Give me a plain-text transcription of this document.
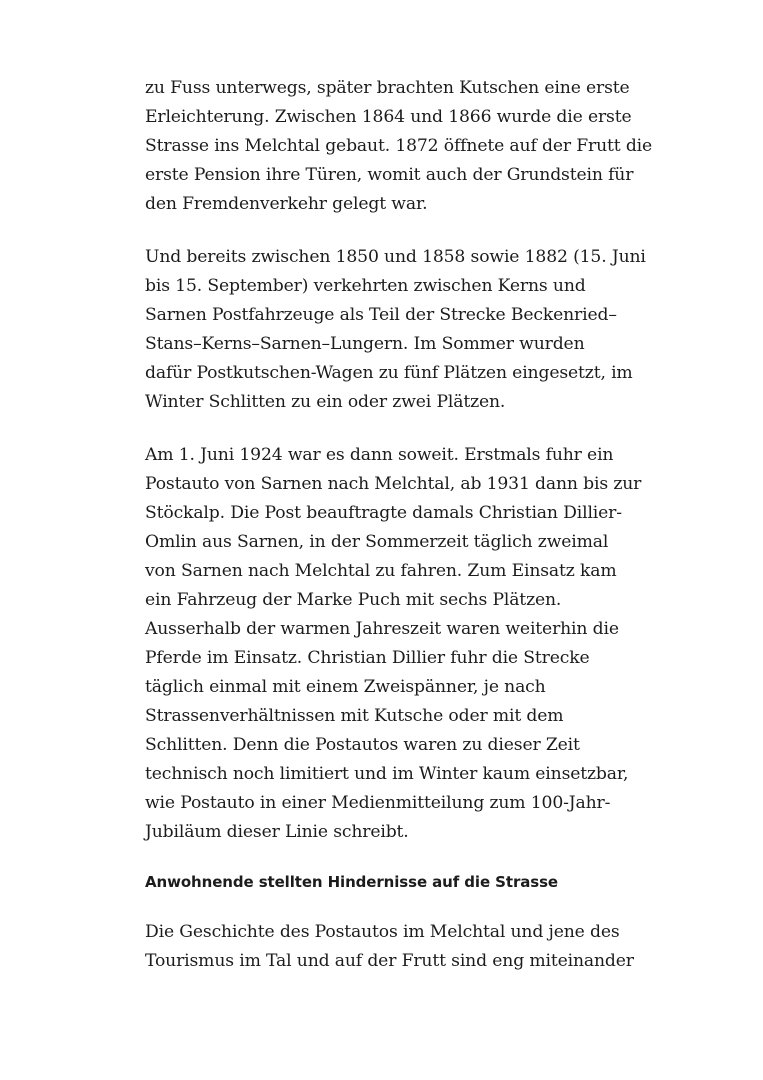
zu Fuss unterwegs, später brachten Kutschen eine erste
Erleichterung. Zwischen 1864 und 1866 wurde die erste
Strasse ins Melchtal gebaut. 1872 öffnete auf der Frutt die
erste Pension ihre Türen, womit auch der Grundstein für
den Fremdenverkehr gelegt war.

Und bereits zwischen 1850 und 1858 sowie 1882 (15. Juni
bis 15. September) verkehrten zwischen Kerns und
Sarnen Postfahrzeuge als Teil der Strecke Beckenried–
Stans–Kerns–Sarnen–Lungern. Im Sommer wurden
dafür Postkutschen-Wagen zu fünf Plätzen eingesetzt, im
Winter Schlitten zu ein oder zwei Plätzen.

Am 1. Juni 1924 war es dann soweit. Erstmals fuhr ein
Postauto von Sarnen nach Melchtal, ab 1931 dann bis zur
Stöckalp. Die Post beauftragte damals Christian Dillier-
Omlin aus Sarnen, in der Sommerzeit täglich zweimal
von Sarnen nach Melchtal zu fahren. Zum Einsatz kam
ein Fahrzeug der Marke Puch mit sechs Plätzen.
Ausserhalb der warmen Jahreszeit waren weiterhin die
Pferde im Einsatz. Christian Dillier fuhr die Strecke
täglich einmal mit einem Zweispänner, je nach
Strassenverhältnissen mit Kutsche oder mit dem
Schlitten. Denn die Postautos waren zu dieser Zeit
technisch noch limitiert und im Winter kaum einsetzbar,
wie Postauto in einer Medienmitteilung zum 100-Jahr-
Jubiläum dieser Linie schreibt.

Anwohnende stellten Hindernisse auf die Strasse

Die Geschichte des Postautos im Melchtal und jene des
Tourismus im Tal und auf der Frutt sind eng miteinander
